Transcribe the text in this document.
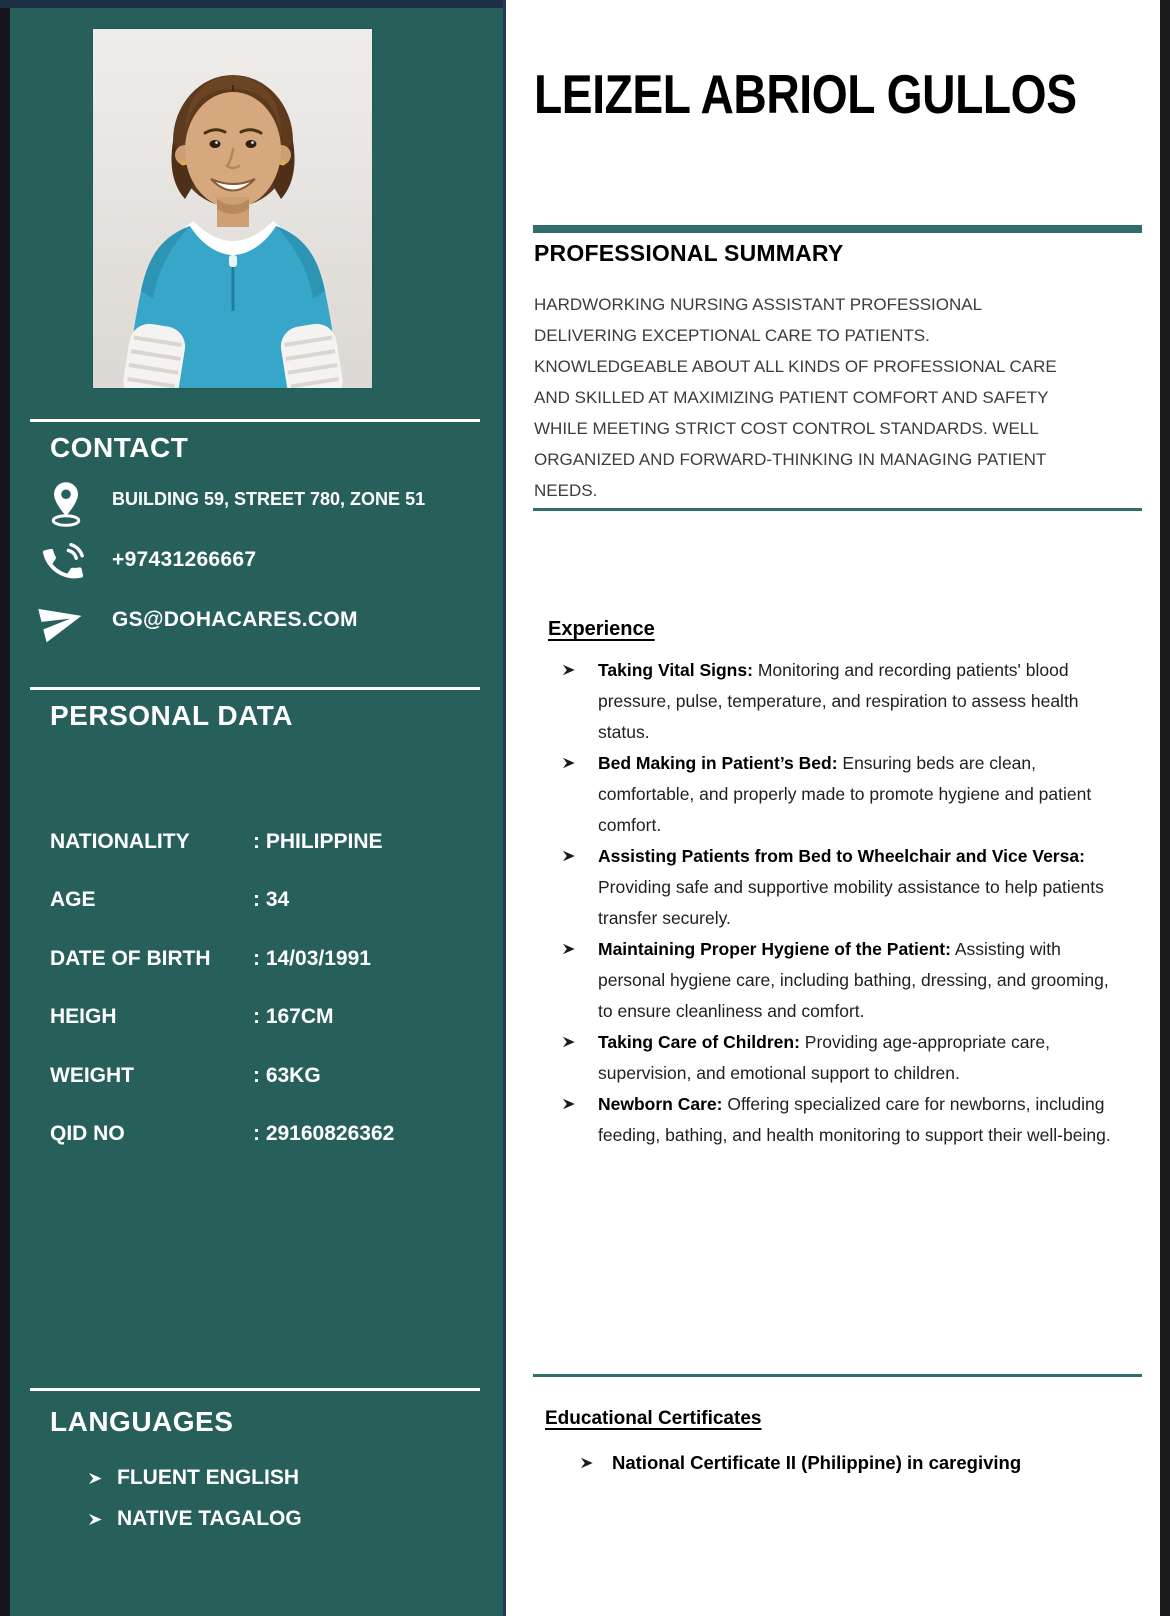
CONTACT
BUILDING 59, STREET 780, ZONE 51
+97431266667
GS@DOHACARES.COM
PERSONAL DATA
NATIONALITY	: PHILIPPINE
AGE	: 34
DATE OF BIRTH : 14/03/1991
HEIGH	: 167CM
WEIGHT	: 63KG
QID NO	: 29160826362
LANGUAGES
FLUENT ENGLISH
NATIVE TAGALOG
LEIZEL ABRIOL GULLOS
PROFESSIONAL SUMMARY

HARDWORKING NURSING ASSISTANT PROFESSIONAL DELIVERING EXCEPTIONAL CARE TO PATIENTS. KNOWLEDGEABLE ABOUT ALL KINDS OF PROFESSIONAL CARE AND SKILLED AT MAXIMIZING PATIENT COMFORT AND SAFETY WHILE MEETING STRICT COST CONTROL STANDARDS. WELL ORGANIZED AND FORWARD-THINKING IN MANAGING PATIENT NEEDS.

Experience

Taking Vital Signs: Monitoring and recording patients' blood pressure, pulse, temperature, and respiration to assess health status.

Bed Making in Patient’s Bed: Ensuring beds are clean, comfortable, and properly made to promote hygiene and patient comfort.

Assisting Patients from Bed to Wheelchair and Vice Versa: Providing safe and supportive mobility assistance to help patients transfer securely.

Maintaining Proper Hygiene of the Patient: Assisting with personal hygiene care, including bathing, dressing, and grooming, to ensure cleanliness and comfort.

Taking Care of Children: Providing age-appropriate care, supervision, and emotional support to children.

Newborn Care: Offering specialized care for newborns, including feeding, bathing, and health monitoring to support their well-being.

Educational Certificates
National Certificate II (Philippine) in caregiving
